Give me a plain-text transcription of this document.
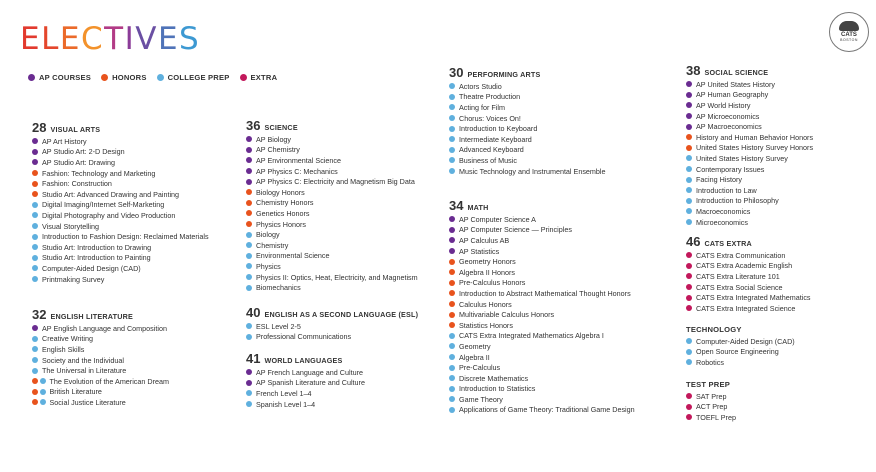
ELECTIVES	CATS
BOSTON
AP COURSES	HONORS	COLLEGE PREP	EXTRA
28 VISUAL ARTS
AP Art History
AP Studio Art: 2-D Design
AP Studio Art: Drawing
Fashion: Technology and Marketing
Fashion: Construction
Studio Art: Advanced Drawing and Painting
Digital Imaging/Internet Self-Marketing
Digital Photography and Video Production
Visual Storytelling
Introduction to Fashion Design: Reclaimed Materials
Studio Art: Introduction to Drawing
Studio Art: Introduction to Painting
Computer-Aided Design (CAD)
Printmaking Survey
32 ENGLISH LITERATURE
AP English Language and Composition
Creative Writing
English Skills
Society and the Individual
The Universal in Literature
The Evolution of the American Dream
British Literature
Social Justice Literature
36 SCIENCE
AP Biology
AP Chemistry
AP Environmental Science
AP Physics C: Mechanics
AP Physics C: Electricity and Magnetism Big Data
Biology Honors
Chemistry Honors
Genetics Honors
Physics Honors
Biology
Chemistry
Environmental Science
Physics
Physics II: Optics, Heat, Electricity, and Magnetism
Biomechanics
40 ENGLISH AS A SECOND LANGUAGE (ESL)
ESL Level 2-5
Professional Communications
41 WORLD LANGUAGES
AP French Language and Culture
AP Spanish Literature and Culture
French Level 1–4
Spanish Level 1–4
30 PERFORMING ARTS
Actors Studio
Theatre Production
Acting for Film
Chorus: Voices On!
Introduction to Keyboard
Intermediate Keyboard
Advanced Keyboard
Business of Music
Music Technology and Instrumental Ensemble
34 MATH
AP Computer Science A
AP Computer Science — Principles
AP Calculus AB
AP Statistics
Geometry Honors
Algebra II Honors
Pre-Calculus Honors
Introduction to Abstract Mathematical Thought Honors
Calculus Honors
Multivariable Calculus Honors
Statistics Honors
CATS Extra Integrated Mathematics Algebra I
Geometry
Algebra II
Pre-Calculus
Discrete Mathematics
Introduction to Statistics
Game Theory
Applications of Game Theory: Traditional Game Design
38 SOCIAL SCIENCE
AP United States History
AP Human Geography
AP World History
AP Microeconomics
AP Macroeconomics
History and Human Behavior Honors
United States History Survey Honors
United States History Survey
Contemporary Issues
Facing History
Introduction to Law
Introduction to Philosophy
Macroeconomics
Microeconomics
46 CATS EXTRA
CATS Extra Communication
CATS Extra Academic English
CATS Extra Literature 101
CATS Extra Social Science
CATS Extra Integrated Mathematics
CATS Extra Integrated Science
TECHNOLOGY
Computer-Aided Design (CAD)
Open Source Engineering
Robotics
TEST PREP
SAT Prep
ACT Prep
TOEFL Prep
